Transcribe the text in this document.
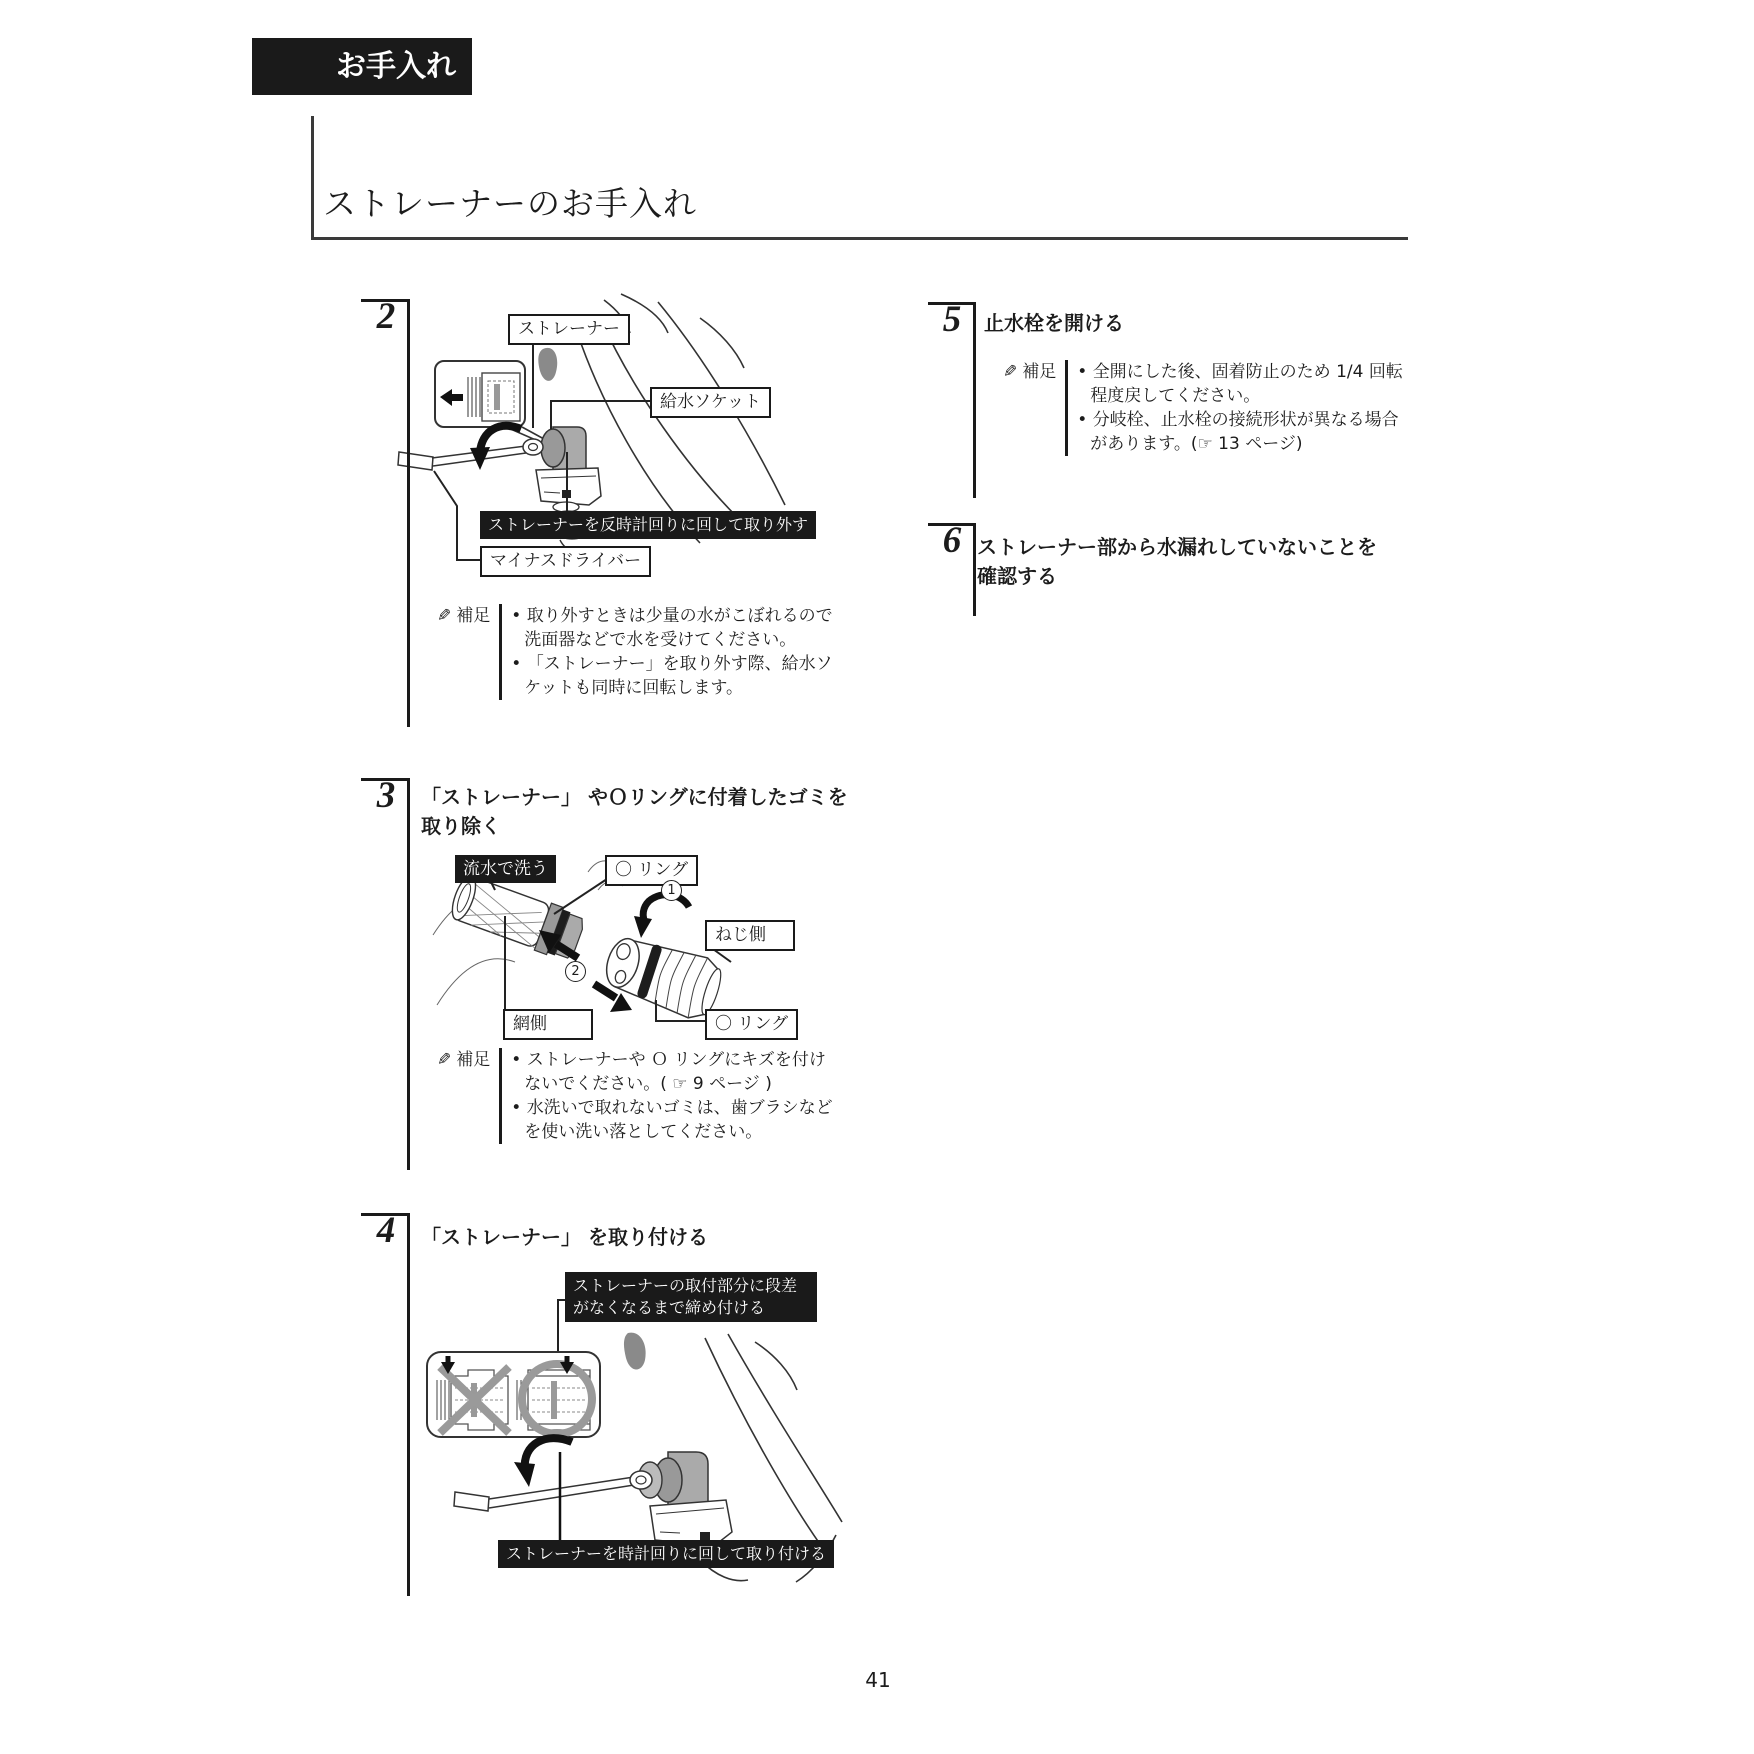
お手入れ
ストレーナーのお手入れ
2	ストレーナー
給水ソケット
ストレーナーを反時計回りに回して取り外す
マイナスドライバー
✎ 補足	• 取り外すときは少量の水がこぼれるので洗面器などで水を受けてください。
• 「ストレーナー」を取り外す際、給水ソケットも同時に回転します。
3	「ストレーナー」 やＯリングに付着したゴミを取り除く
流水で洗う	〇 リング
1
ねじ側
2
網側	〇 リング
✎ 補足	• ストレーナーや Ｏ リングにキズを付けないでください。( ☞ 9 ページ )
• 水洗いで取れないゴミは、歯ブラシなどを使い洗い落としてください。
4	「ストレーナー」 を取り付ける
ストレーナーの取付部分に段差がなくなるまで締め付ける
ストレーナーを時計回りに回して取り付ける
5	止水栓を開ける
✎ 補足	• 全開にした後、固着防止のため 1/4 回転程度戻してください。
• 分岐栓、止水栓の接続形状が異なる場合があります。(☞ 13 ページ)
6 ストレーナー部から水漏れしていないことを確認する
41
